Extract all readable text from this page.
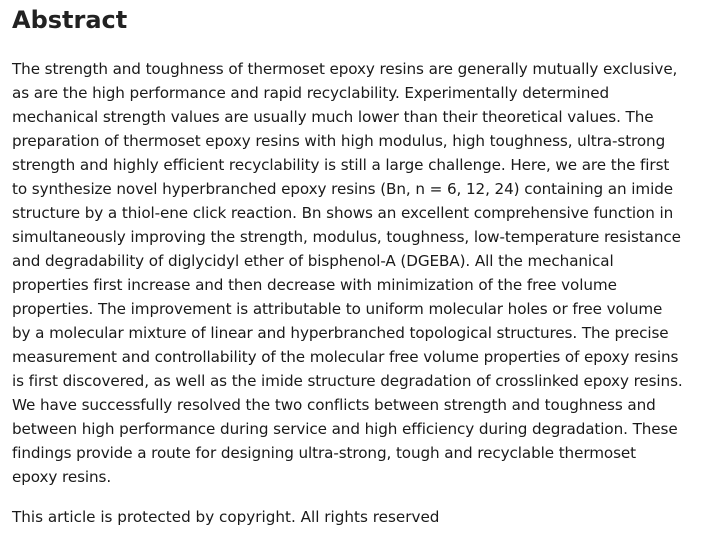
Abstract

The strength and toughness of thermoset epoxy resins are generally mutually exclusive, as are the high performance and rapid recyclability. Experimentally determined mechanical strength values are usually much lower than their theoretical values. The preparation of thermoset epoxy resins with high modulus, high toughness, ultra-strong strength and highly efficient recyclability is still a large challenge. Here, we are the first to synthesize novel hyperbranched epoxy resins (Bn, n = 6, 12, 24) containing an imide structure by a thiol-ene click reaction. Bn shows an excellent comprehensive function in simultaneously improving the strength, modulus, toughness, low-temperature resistance and degradability of diglycidyl ether of bisphenol-A (DGEBA). All the mechanical properties first increase and then decrease with minimization of the free volume properties. The improvement is attributable to uniform molecular holes or free volume by a molecular mixture of linear and hyperbranched topological structures. The precise measurement and controllability of the molecular free volume properties of epoxy resins is first discovered, as well as the imide structure degradation of crosslinked epoxy resins. We have successfully resolved the two conflicts between strength and toughness and between high performance during service and high efficiency during degradation. These findings provide a route for designing ultra-strong, tough and recyclable thermoset epoxy resins.

This article is protected by copyright. All rights reserved
